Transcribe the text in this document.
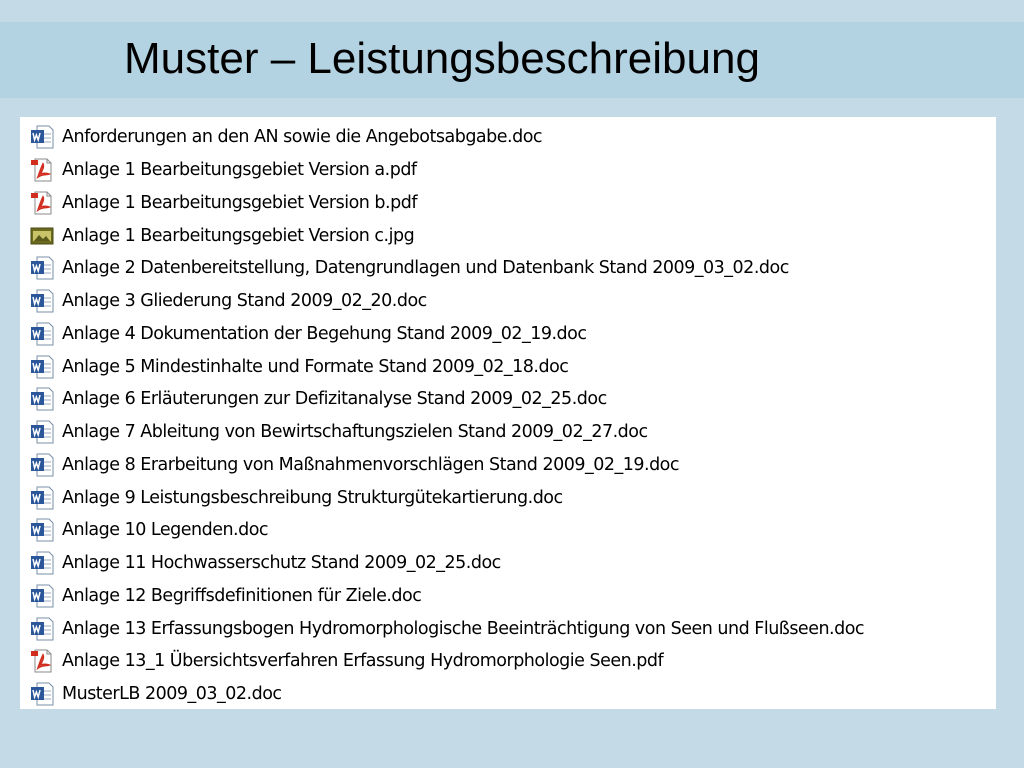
Muster – Leistungsbeschreibung
Anforderungen an den AN sowie die Angebotsabgabe.doc
Anlage 1 Bearbeitungsgebiet Version a.pdf
Anlage 1 Bearbeitungsgebiet Version b.pdf
Anlage 1 Bearbeitungsgebiet Version c.jpg
Anlage 2 Datenbereitstellung, Datengrundlagen und Datenbank Stand 2009_03_02.doc
Anlage 3 Gliederung Stand 2009_02_20.doc
Anlage 4 Dokumentation der Begehung Stand 2009_02_19.doc
Anlage 5 Mindestinhalte und Formate Stand 2009_02_18.doc
Anlage 6 Erläuterungen zur Defizitanalyse Stand 2009_02_25.doc
Anlage 7 Ableitung von Bewirtschaftungszielen Stand 2009_02_27.doc
Anlage 8 Erarbeitung von Maßnahmenvorschlägen Stand 2009_02_19.doc
Anlage 9 Leistungsbeschreibung Strukturgütekartierung.doc
Anlage 10 Legenden.doc
Anlage 11 Hochwasserschutz Stand 2009_02_25.doc
Anlage 12 Begriffsdefinitionen für Ziele.doc
Anlage 13 Erfassungsbogen Hydromorphologische Beeinträchtigung von Seen und Flußseen.doc
Anlage 13_1 Übersichtsverfahren Erfassung Hydromorphologie Seen.pdf
MusterLB 2009_03_02.doc
